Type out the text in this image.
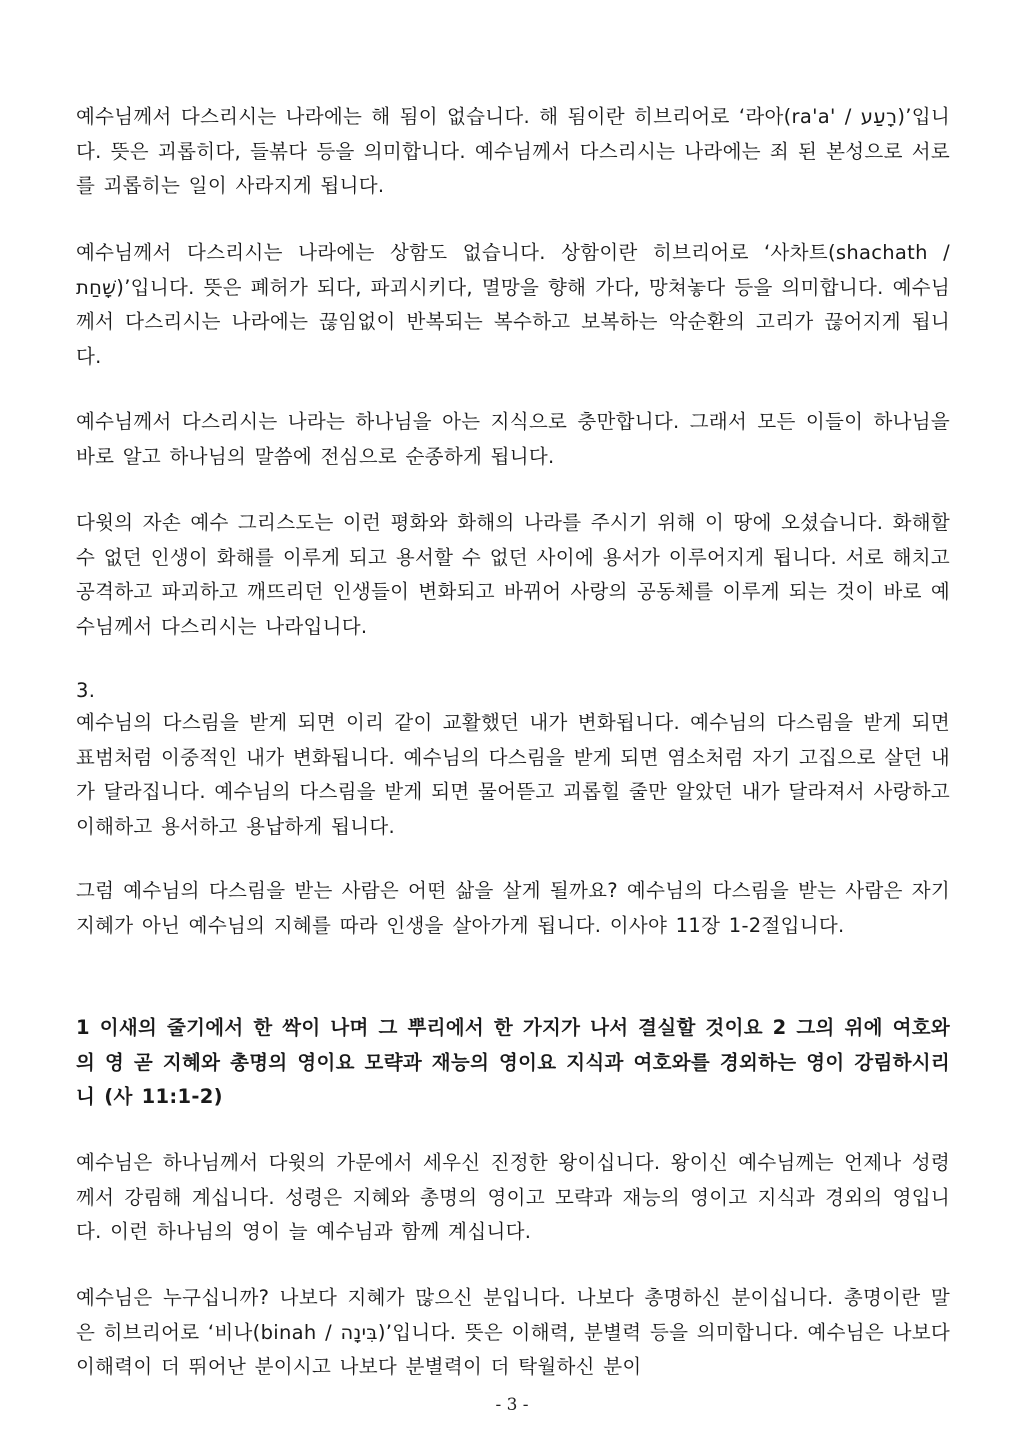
예수님께서 다스리시는 나라에는 해 됨이 없습니다. 해 됨이란 히브리어로 ‘라아(ra'a' / רָעַע)’입니다. 뜻은 괴롭히다, 들볶다 등을 의미합니다. 예수님께서 다스리시는 나라에는 죄 된 본성으로 서로를 괴롭히는 일이 사라지게 됩니다.

예수님께서 다스리시는 나라에는 상함도 없습니다. 상함이란 히브리어로 ‘사차트(shachath / שָׁחַת)’입니다. 뜻은 폐허가 되다, 파괴시키다, 멸망을 향해 가다, 망쳐놓다 등을 의미합니다. 예수님께서 다스리시는 나라에는 끊임없이 반복되는 복수하고 보복하는 악순환의 고리가 끊어지게 됩니다.

예수님께서 다스리시는 나라는 하나님을 아는 지식으로 충만합니다. 그래서 모든 이들이 하나님을 바로 알고 하나님의 말씀에 전심으로 순종하게 됩니다.

다윗의 자손 예수 그리스도는 이런 평화와 화해의 나라를 주시기 위해 이 땅에 오셨습니다. 화해할 수 없던 인생이 화해를 이루게 되고 용서할 수 없던 사이에 용서가 이루어지게 됩니다. 서로 해치고 공격하고 파괴하고 깨뜨리던 인생들이 변화되고 바뀌어 사랑의 공동체를 이루게 되는 것이 바로 예수님께서 다스리시는 나라입니다.

3.

예수님의 다스림을 받게 되면 이리 같이 교활했던 내가 변화됩니다. 예수님의 다스림을 받게 되면 표범처럼 이중적인 내가 변화됩니다. 예수님의 다스림을 받게 되면 염소처럼 자기 고집으로 살던 내가 달라집니다. 예수님의 다스림을 받게 되면 물어뜯고 괴롭힐 줄만 알았던 내가 달라져서 사랑하고 이해하고 용서하고 용납하게 됩니다.

그럼 예수님의 다스림을 받는 사람은 어떤 삶을 살게 될까요? 예수님의 다스림을 받는 사람은 자기 지혜가 아닌 예수님의 지혜를 따라 인생을 살아가게 됩니다. 이사야 11장 1-2절입니다.

1 이새의 줄기에서 한 싹이 나며 그 뿌리에서 한 가지가 나서 결실할 것이요 2 그의 위에 여호와의 영 곧 지혜와 총명의 영이요 모략과 재능의 영이요 지식과 여호와를 경외하는 영이 강림하시리니 (사 11:1-2)

예수님은 하나님께서 다윗의 가문에서 세우신 진정한 왕이십니다. 왕이신 예수님께는 언제나 성령께서 강림해 계십니다. 성령은 지혜와 총명의 영이고 모략과 재능의 영이고 지식과 경외의 영입니다. 이런 하나님의 영이 늘 예수님과 함께 계십니다.

예수님은 누구십니까? 나보다 지혜가 많으신 분입니다. 나보다 총명하신 분이십니다. 총명이란 말은 히브리어로 ‘비나(binah / בִּינָה)’입니다. 뜻은 이해력, 분별력 등을 의미합니다. 예수님은 나보다 이해력이 더 뛰어난 분이시고 나보다 분별력이 더 탁월하신 분이

- 3 -
